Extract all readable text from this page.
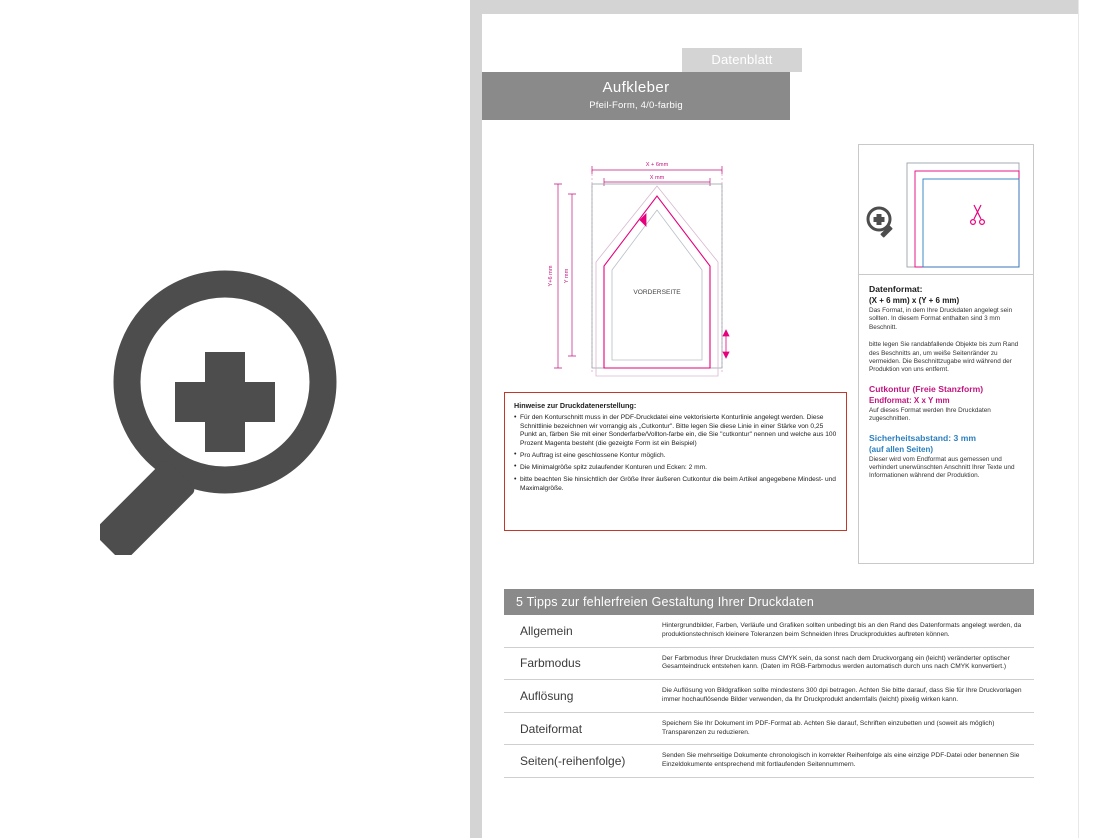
Datenblatt
Aufkleber
Pfeil-Form, 4/0-farbig
X + 6mm
X mm
Y+6 mm Y mm
VORDERSEITE
Hinweise zur Druckdatenerstellung:
• Für den Konturschnitt muss in der PDF-Druckdatei eine vektorisierte Konturlinie angelegt werden. Diese Schnittlinie bezeichnen wir vorrangig als „Cutkontur". Bitte legen Sie diese Linie in einer Stärke von 0,25 Punkt an, färben Sie mit einer Sonderfarbe/Vollton-farbe ein, die Sie "cutkontur" nennen und welche aus 100 Prozent Magenta besteht (die gezeigte Form ist ein Beispiel)
• Pro Auftrag ist eine geschlossene Kontur möglich.
• Die Minimalgröße spitz zulaufender Konturen und Ecken: 2 mm.
• bitte beachten Sie hinsichtlich der Größe Ihrer äußeren Cutkontur die beim Artikel angegebene Mindest- und Maximalgröße.
Datenformat:
(X + 6 mm) x (Y + 6 mm)

Das Format, in dem Ihre Druckdaten angelegt sein sollten. In diesem Format enthalten sind 3 mm Beschnitt.

bitte legen Sie randabfallende Objekte bis zum Rand des Beschnitts an, um weiße Seitenränder zu vermeiden. Die Beschnittzugabe wird während der Produktion von uns entfernt.

Cutkontur (Freie Stanzform)
Endformat: X x Y mm

Auf dieses Format werden Ihre Druckdaten zugeschnitten.

Sicherheitsabstand: 3 mm
(auf allen Seiten)

Dieser wird vom Endformat aus gemessen und verhindert unerwünschten Anschnitt Ihrer Texte und Informationen während der Produktion.

5 Tipps zur fehlerfreien Gestaltung Ihrer Druckdaten
Allgemein	Hintergrundbilder, Farben, Verläufe und Grafiken sollten unbedingt bis an den Rand des Datenformats angelegt werden, da produktionstechnisch kleinere Toleranzen beim Schneiden Ihres Druckproduktes auftreten können.
Farbmodus	Der Farbmodus Ihrer Druckdaten muss CMYK sein, da sonst nach dem Druckvorgang ein (leicht) veränderter optischer Gesamteindruck entstehen kann. (Daten im RGB-Farbmodus werden automatisch durch uns nach CMYK konvertiert.)
Auflösung	Die Auflösung von Bildgrafiken sollte mindestens 300 dpi betragen. Achten Sie bitte darauf, dass Sie für Ihre Druckvorlagen immer hochauflösende Bilder verwenden, da Ihr Druckprodukt andernfalls (leicht) pixelig wirken kann.
Dateiformat	Speichern Sie Ihr Dokument im PDF-Format ab. Achten Sie darauf, Schriften einzubetten und (soweit als möglich) Transparenzen zu reduzieren.
Seiten(-reihenfolge)	Senden Sie mehrseitige Dokumente chronologisch in korrekter Reihenfolge als eine einzige PDF-Datei oder benennen Sie Einzeldokumente entsprechend mit fortlaufenden Seitennummern.
